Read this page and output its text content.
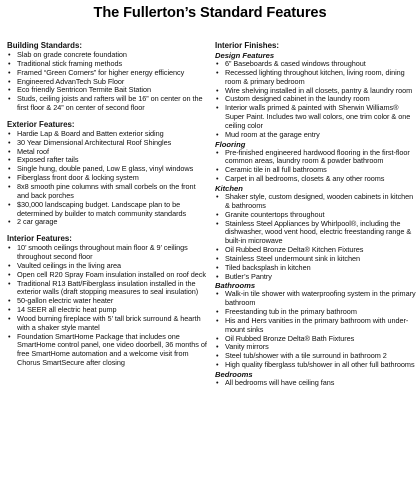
The Fullerton’s Standard Features
Building Standards:
• Slab on grade concrete foundation
• Traditional stick framing methods
• Framed “Green Corners” for higher energy efficiency
• Engineered AdvanTech Sub Floor
• Eco friendly Sentricon Termite Bait Station
• Studs, ceiling joists and rafters will be 16” on center on the first floor & 24” on center of second floor
Exterior Features:
• Hardie Lap & Board and Batten exterior siding
• 30 Year Dimensional Architectural Roof Shingles
• Metal roof
• Exposed rafter tails
• Single hung, double paned, Low E glass, vinyl windows
• Fiberglass front door & locking system
• 8x8 smooth pine columns with small corbels on the front and back porches
• $30,000 landscaping budget. Landscape plan to be determined by builder to match community standards
• 2 car garage
Interior Features:
• 10’ smooth ceilings throughout main floor & 9’ ceilings throughout second floor
• Vaulted ceilings in the living area
• Open cell R20 Spray Foam insulation installed on roof deck
• Traditional R13 Batt/Fiberglass insulation installed in the exterior walls (draft stopping measures to seal insulation)
• 50-gallon electric water heater
• 14 SEER all electric heat pump
• Wood burning fireplace with 5’ tall brick surround & hearth with a shaker style mantel
• Foundation SmartHome Package that includes one SmartHome control panel, one video doorbell, 36 months of free SmartHome automation and a welcome visit from Chorus SmartSecure after closing
Interior Finishes:
Design Features
• 6” Baseboards & cased windows throughout
• Recessed lighting throughout kitchen, living room, dining room & primary bedroom
• Wire shelving installed in all closets, pantry & laundry room
• Custom designed cabinet in the laundry room
• Interior walls primed & painted with Sherwin Williams® Super Paint. Includes two wall colors, one trim color & one ceiling color
• Mud room at the garage entry
Flooring
• Pre-finished engineered hardwood flooring in the first-floor common areas, laundry room & powder bathroom
• Ceramic tile in all full bathrooms
• Carpet in all bedrooms, closets & any other rooms
Kitchen
• Shaker style, custom designed, wooden cabinets in kitchen & bathrooms
• Granite countertops throughout
• Stainless Steel Appliances by Whirlpool®, including the dishwasher, wood vent hood, electric freestanding range & built-in microwave
• Oil Rubbed Bronze Delta® Kitchen Fixtures
• Stainless Steel undermount sink in kitchen
• Tiled backsplash in kitchen
• Butler’s Pantry
Bathrooms
• Walk-in tile shower with waterproofing system in the primary bathroom
• Freestanding tub in the primary bathroom
• His and Hers vanities in the primary bathroom with under-mount sinks
• Oil Rubbed Bronze Delta® Bath Fixtures
• Vanity mirrors
• Steel tub/shower with a tile surround in bathroom 2
• High quality fiberglass tub/shower in all other full bathrooms
Bedrooms
• All bedrooms will have ceiling fans
